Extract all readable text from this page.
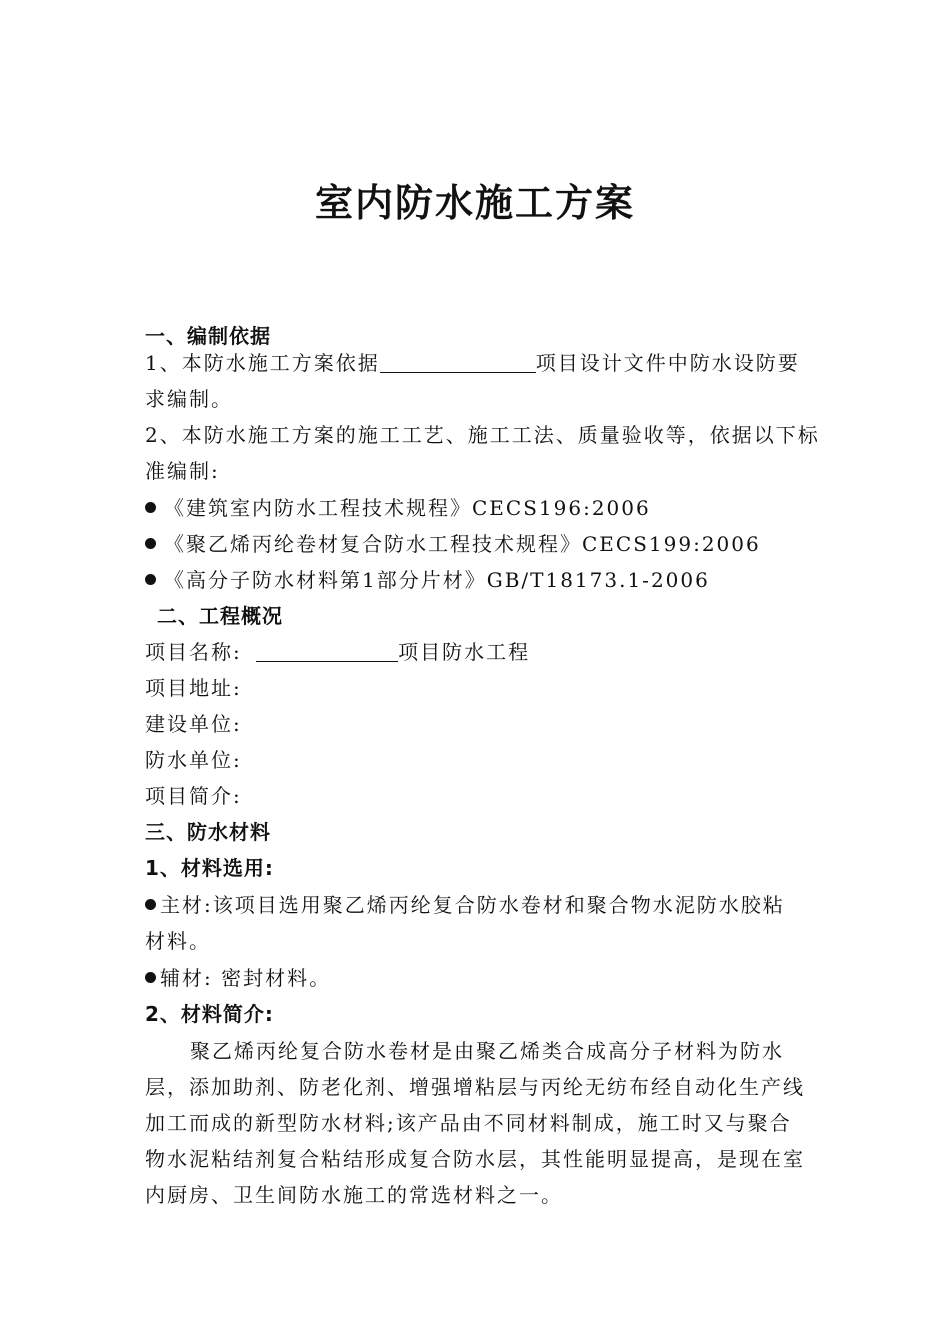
室内防水施工方案
一、编制依据
1、本防水施工方案依据	项目设计文件中防水设防要
求编制。
2、本防水施工方案的施工工艺、施工工法、质量验收等，依据以下标
准编制:
《建筑室内防水工程技术规程》CECS196:2006
《聚乙烯丙纶卷材复合防水工程技术规程》CECS199:2006
《高分子防水材料第1部分片材》GB/T18173.1-2006
二、工程概况
项目名称:	项目防水工程
项目地址:
建设单位:
防水单位:
项目简介:
三、防水材料
1、材料选用:
主材:该项目选用聚乙烯丙纶复合防水卷材和聚合物水泥防水胶粘
材料。
辅材: 密封材料。
2、材料简介:
聚乙烯丙纶复合防水卷材是由聚乙烯类合成高分子材料为防水
层，添加助剂、防老化剂、增强增粘层与丙纶无纺布经自动化生产线
加工而成的新型防水材料;该产品由不同材料制成，施工时又与聚合
物水泥粘结剂复合粘结形成复合防水层，其性能明显提高，是现在室
内厨房、卫生间防水施工的常选材料之一。
